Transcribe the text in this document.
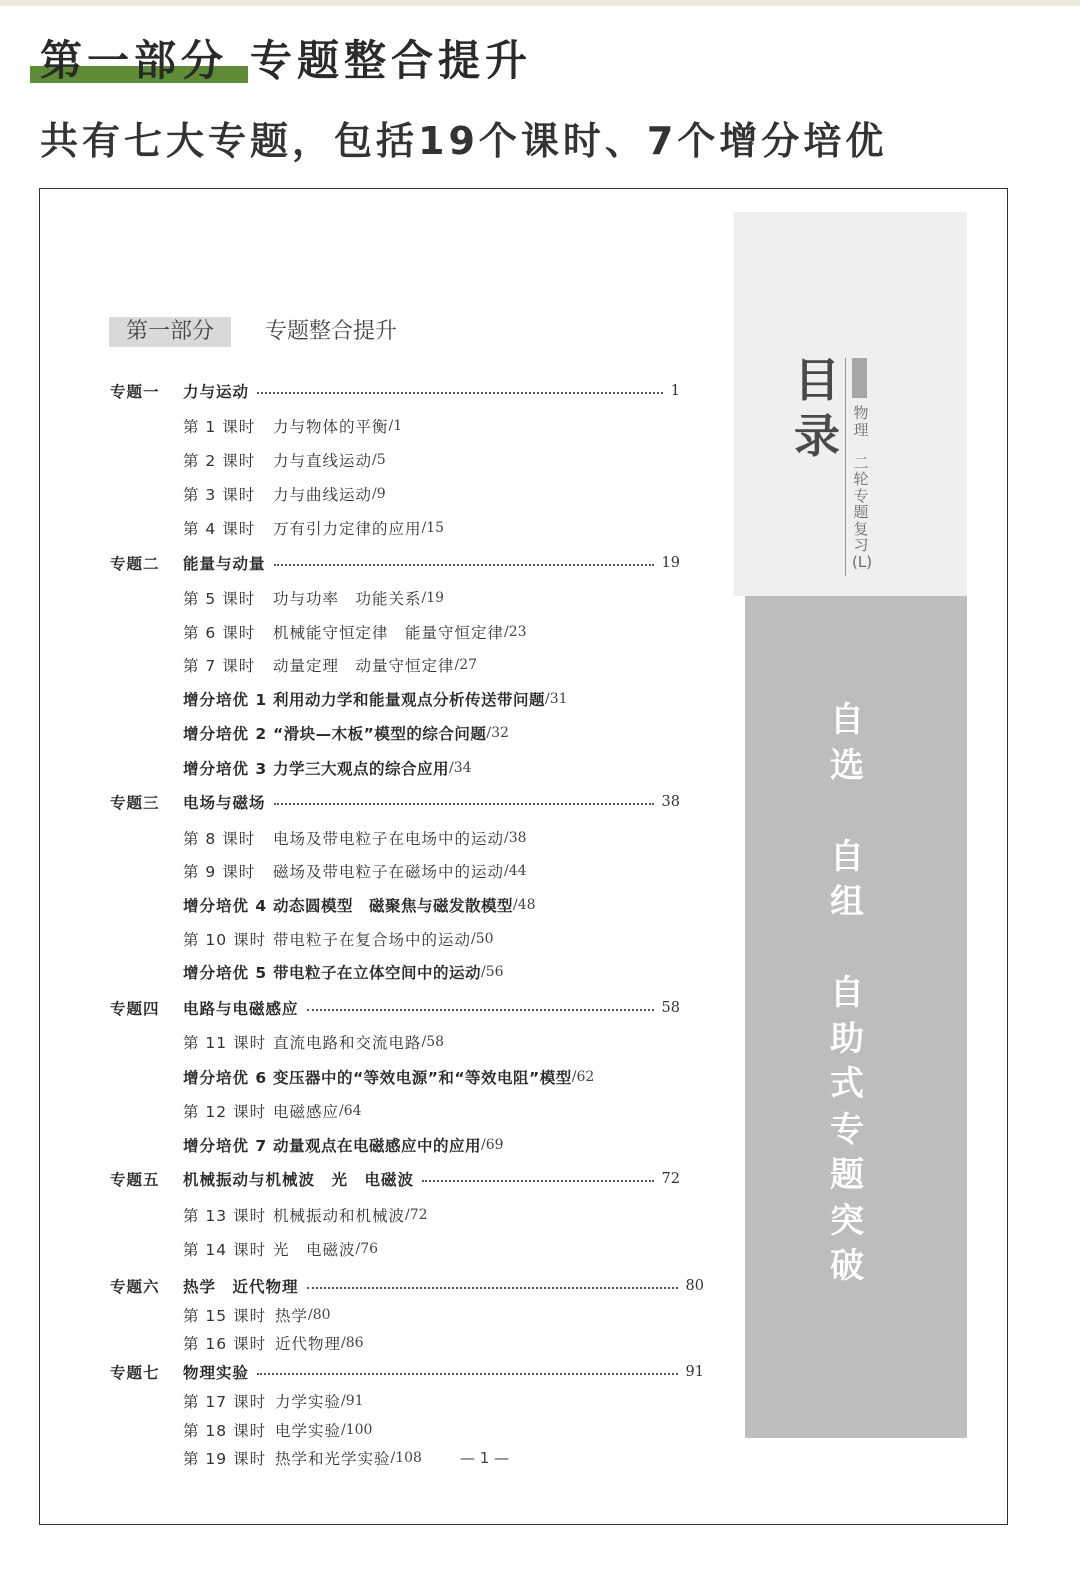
第一部分 专题整合提升
共有七大专题，包括19个课时、7个增分培优
目
录 物
理

二
轮
专
题
复
习
(L)
自
选
自
组
自
助
式
专
题
突
破
第一部分	专题整合提升
专题一	力与运动	1
第 1 课时	力与物体的平衡 / 1
第 2 课时	力与直线运动 / 5
第 3 课时	力与曲线运动 / 9
第 4 课时	万有引力定律的应用 / 15
专题二	能量与动量	19
第 5 课时	功与功率　功能关系 / 19
第 6 课时	机械能守恒定律　能量守恒定律 / 23
第 7 课时	动量定理　动量守恒定律 / 27
增分培优 1 利用动力学和能量观点分析传送带问题 / 31
增分培优 2 “滑块—木板”模型的综合问题 / 32
增分培优 3 力学三大观点的综合应用 / 34
专题三	电场与磁场	38
第 8 课时	电场及带电粒子在电场中的运动 / 38
第 9 课时	磁场及带电粒子在磁场中的运动 / 44
增分培优 4 动态圆模型　磁聚焦与磁发散模型 / 48
第 10 课时 带电粒子在复合场中的运动 / 50
增分培优 5 带电粒子在立体空间中的运动 / 56
专题四	电路与电磁感应	58
第 11 课时 直流电路和交流电路 / 58
增分培优 6 变压器中的“等效电源”和“等效电阻”模型 / 62
第 12 课时 电磁感应 / 64
增分培优 7 动量观点在电磁感应中的应用 / 69
专题五	机械振动与机械波　光　电磁波	72
第 13 课时 机械振动和机械波 / 72
第 14 课时 光　电磁波 / 76
专题六	热学　近代物理	80
第 15 课时 热学 / 80
第 16 课时 近代物理 / 86
专题七	物理实验	91
第 17 课时 力学实验 / 91
第 18 课时 电学实验 / 100
第 19 课时 热学和光学实验 / 108	— 1 —
